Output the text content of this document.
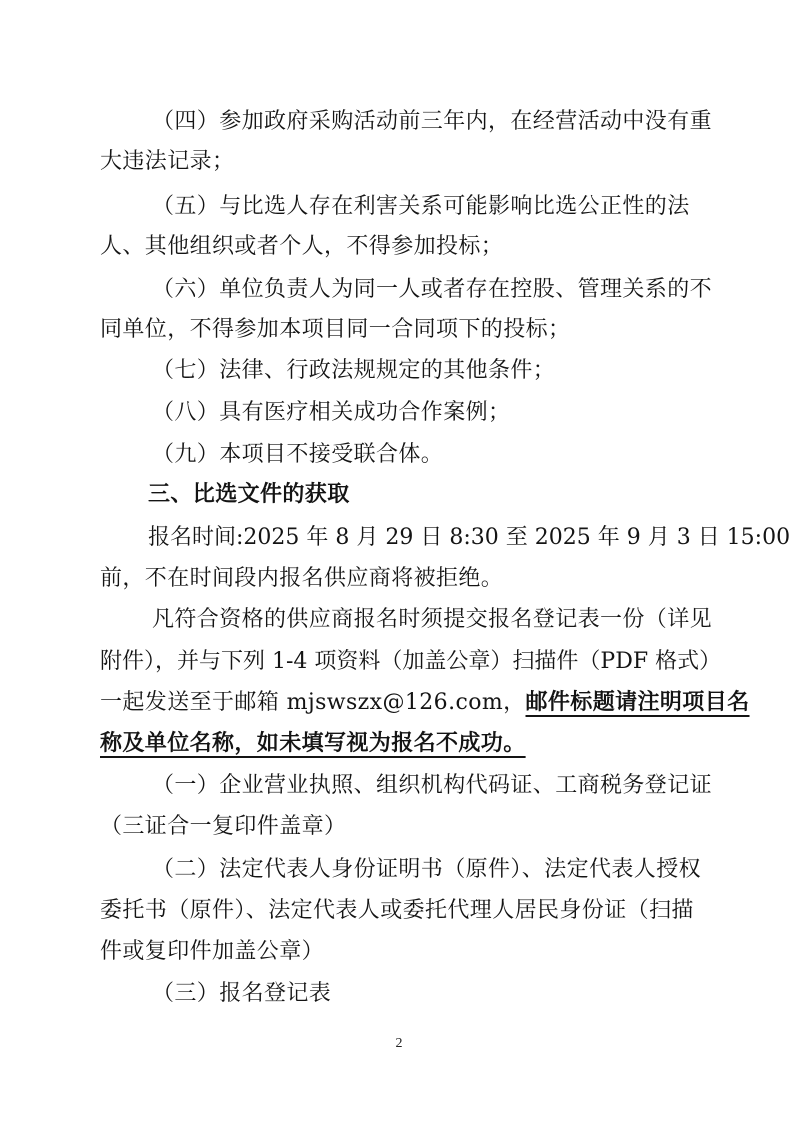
（四）参加政府采购活动前三年内，在经营活动中没有重
大违法记录；
（五）与比选人存在利害关系可能影响比选公正性的法
人、其他组织或者个人，不得参加投标；
（六）单位负责人为同一人或者存在控股、管理关系的不
同单位，不得参加本项目同一合同项下的投标；
（七）法律、行政法规规定的其他条件；
（八）具有医疗相关成功合作案例；
（九）本项目不接受联合体。
三、比选文件的获取
报名时间:2025 年 8 月 29 日 8:30 至 2025 年 9 月 3 日 15:00
前，不在时间段内报名供应商将被拒绝。
凡符合资格的供应商报名时须提交报名登记表一份（详见
附件），并与下列 1-4 项资料（加盖公章）扫描件（PDF 格式）
一起发送至于邮箱 mjswszx@126.com，邮件标题请注明项目名
称及单位名称，如未填写视为报名不成功。
（一）企业营业执照、组织机构代码证、工商税务登记证
（三证合一复印件盖章）
（二）法定代表人身份证明书（原件）、法定代表人授权
委托书（原件）、法定代表人或委托代理人居民身份证（扫描
件或复印件加盖公章）
（三）报名登记表
2
